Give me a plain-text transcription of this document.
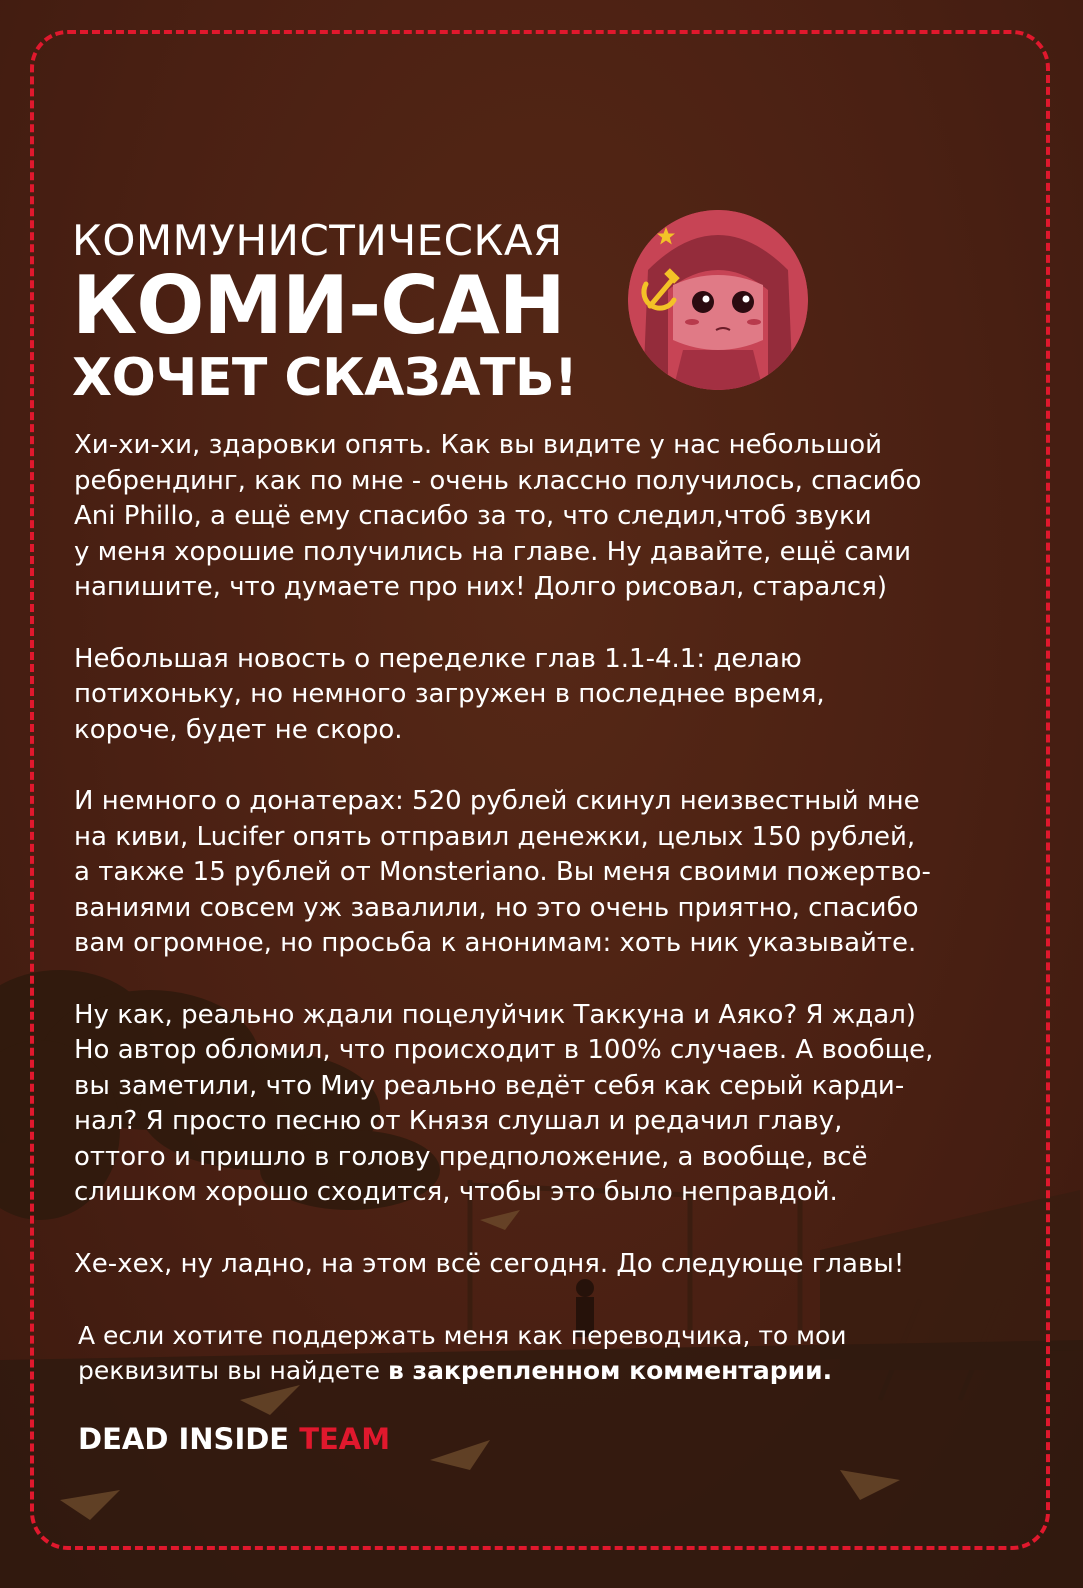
КОММУНИСТИЧЕСКАЯ
КОМИ-САН
ХОЧЕТ СКАЗАТЬ!

Хи-хи-хи, здаровки опять. Как вы видите у нас небольшой
ребрендинг, как по мне - очень классно получилось, спасибо
Ani Phillo, а ещё ему спасибо за то, что следил,чтоб звуки
у меня хорошие получились на главе. Ну давайте, ещё сами
напишите, что думаете про них! Долго рисовал, старался)

Небольшая новость о переделке глав 1.1-4.1: делаю
потихоньку, но немного загружен в последнее время,
короче, будет не скоро.

И немного о донатерах: 520 рублей скинул неизвестный мне
на киви, Lucifer опять отправил денежки, целых 150 рублей,
а также 15 рублей от Monsteriano. Вы меня своими пожертво-
ваниями совсем уж завалили, но это очень приятно, спасибо
вам огромное, но просьба к анонимам: хоть ник указывайте.

Ну как, реально ждали поцелуйчик Таккуна и Аяко? Я ждал)
Но автор обломил, что происходит в 100% случаев. А вообще,
вы заметили, что Миу реально ведёт себя как серый карди-
нал? Я просто песню от Князя слушал и редачил главу,
оттого и пришло в голову предположение, а вообще, всё
слишком хорошо сходится, чтобы это было неправдой.

Хе-хех, ну ладно, на этом всё сегодня. До следующе главы!

А если хотите поддержать меня как переводчика, то мои
реквизиты вы найдете в закрепленном комментарии.
DEAD INSIDE TEAM
